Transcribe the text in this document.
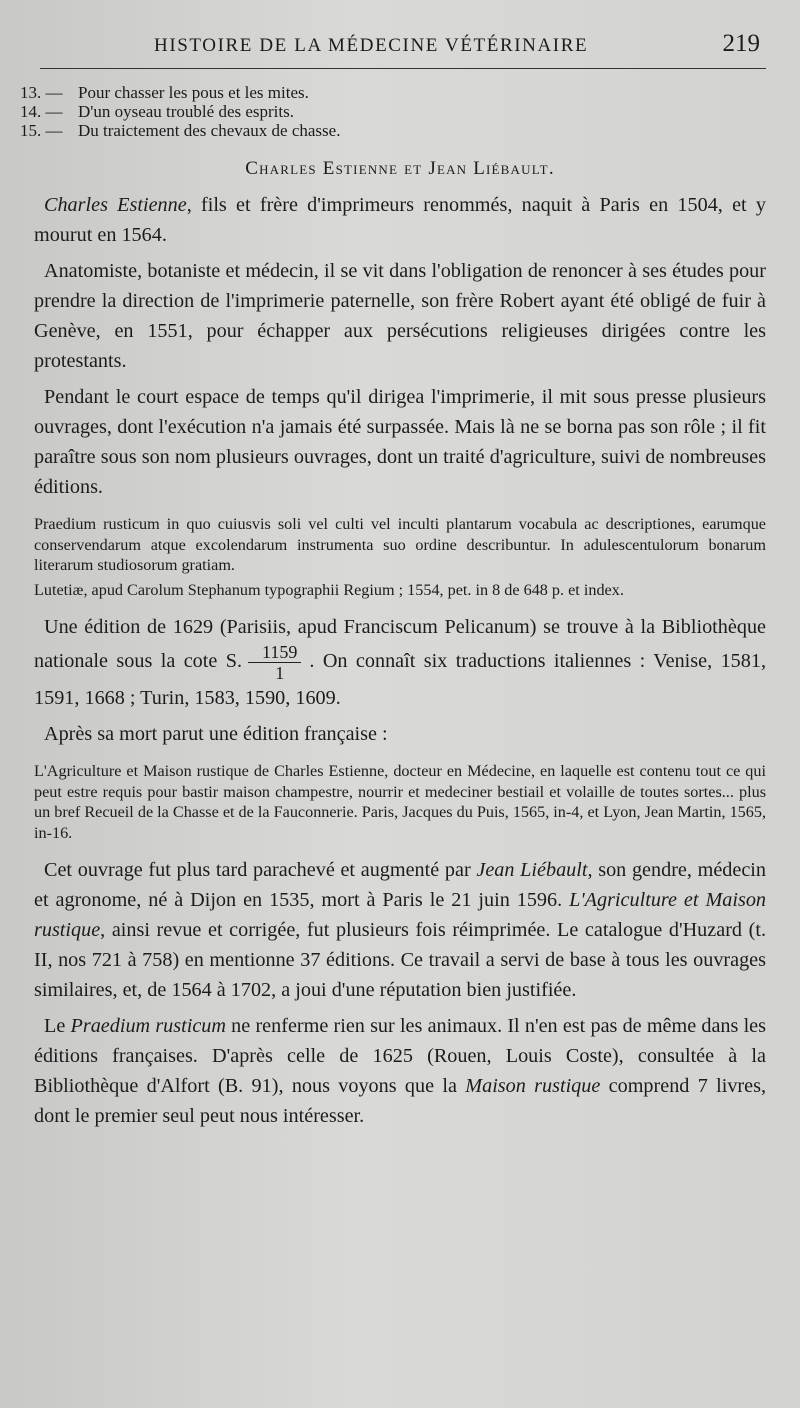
HISTOIRE DE LA MÉDECINE VÉTÉRINAIRE	219
13. — Pour chasser les pous et les mites.
14. — D'un oyseau troublé des esprits.
15. — Du traictement des chevaux de chasse.
Charles Estienne et Jean Liébault.

Charles Estienne, fils et frère d'imprimeurs renommés, naquit à Paris en 1504, et y mourut en 1564.

Anatomiste, botaniste et médecin, il se vit dans l'obligation de renoncer à ses études pour prendre la direction de l'imprimerie paternelle, son frère Robert ayant été obligé de fuir à Genève, en 1551, pour échapper aux persécutions religieuses dirigées contre les protestants.

Pendant le court espace de temps qu'il dirigea l'imprimerie, il mit sous presse plusieurs ouvrages, dont l'exécution n'a jamais été surpassée. Mais là ne se borna pas son rôle ; il fit paraître sous son nom plusieurs ouvrages, dont un traité d'agriculture, suivi de nombreuses éditions.

Praedium rusticum in quo cuiusvis soli vel culti vel inculti plantarum vocabula ac descriptiones, earumque conservendarum atque excolendarum instrumenta suo ordine describuntur. In adulescentulorum bonarum literarum studiosorum gratiam.

Lutetiæ, apud Carolum Stephanum typographii Regium ; 1554, pet. in 8 de 648 p. et index.

Une édition de 1629 (Parisiis, apud Franciscum Pelicanum) se trouve à la Bibliothèque nationale sous la cote S. $\frac{1159}{1}$ . On connaît six traductions italiennes : Venise, 1581, 1591, 1668 ; Turin, 1583, 1590, 1609.

Après sa mort parut une édition française :

L'Agriculture et Maison rustique de Charles Estienne, docteur en Médecine, en laquelle est contenu tout ce qui peut estre requis pour bastir maison champestre, nourrir et medeciner bestiail et volaille de toutes sortes... plus un bref Recueil de la Chasse et de la Fauconnerie. Paris, Jacques du Puis, 1565, in-4, et Lyon, Jean Martin, 1565, in-16.

Cet ouvrage fut plus tard parachevé et augmenté par Jean Liébault, son gendre, médecin et agronome, né à Dijon en 1535, mort à Paris le 21 juin 1596. L'Agriculture et Maison rustique, ainsi revue et corrigée, fut plusieurs fois réimprimée. Le catalogue d'Huzard (t. II, nos 721 à 758) en mentionne 37 éditions. Ce travail a servi de base à tous les ouvrages similaires, et, de 1564 à 1702, a joui d'une réputation bien justifiée.

Le Praedium rusticum ne renferme rien sur les animaux. Il n'en est pas de même dans les éditions françaises. D'après celle de 1625 (Rouen, Louis Coste), consultée à la Bibliothèque d'Alfort (B. 91), nous voyons que la Maison rustique comprend 7 livres, dont le premier seul peut nous intéresser.
